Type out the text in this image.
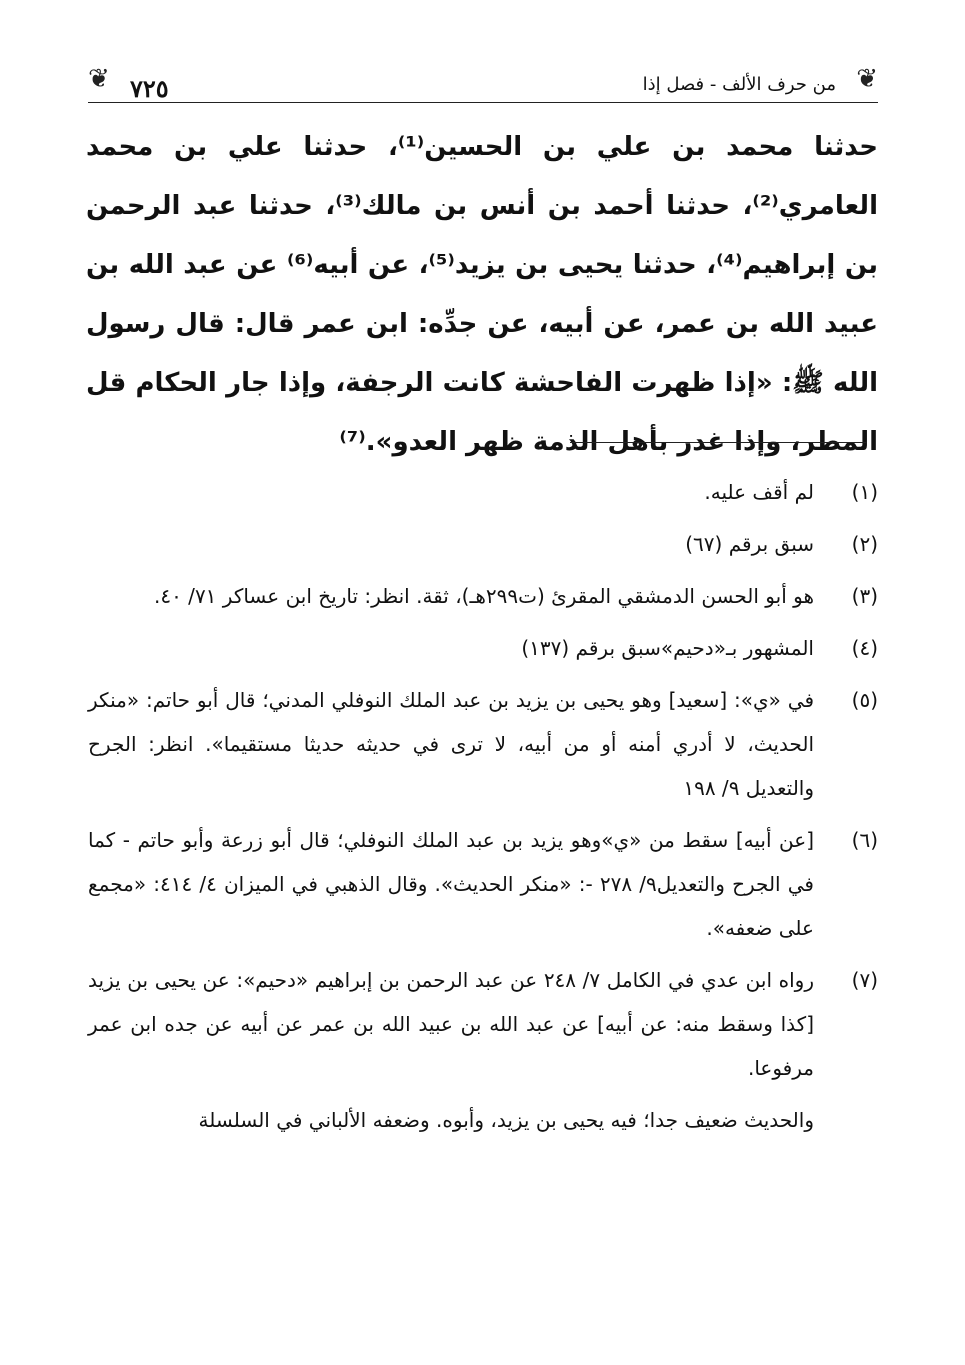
❦ ٧٢٥	من حرف الألف - فصل إذا ❦

حدثنا محمد بن علي بن الحسين⁽¹⁾، حدثنا علي بن محمد العامري⁽²⁾، حدثنا أحمد بن أنس بن مالك⁽³⁾، حدثنا عبد الرحمن بن إبراهيم⁽⁴⁾، حدثنا يحيى بن يزيد⁽⁵⁾، عن أبيه⁽⁶⁾ عن عبد الله بن عبيد الله بن عمر، عن أبيه، عن جدِّه: ابن عمر قال: قال رسول الله ﷺ: «إذا ظهرت الفاحشة كانت الرجفة، وإذا جار الحكام قل المطر، وإذا غدر بأهل الذمة ظهر العدو».⁽⁷⁾

(١)
لم أقف عليه.
(٢)
سبق برقم (٦٧)
(٣)
هو أبو الحسن الدمشقي المقرئ (ت٢٩٩هـ)، ثقة. انظر: تاريخ ابن عساكر ٧١/ ٤٠.
(٤)
المشهور بـ«دحيم»سبق برقم (١٣٧)
(٥)
في «ي»: [سعيد] وهو يحيى بن يزيد بن عبد الملك النوفلي المدني؛ قال أبو حاتم: «منكر الحديث، لا أدري أمنه أو من أبيه، لا ترى في حديثه حديثا مستقيما». انظر: الجرح والتعديل ٩/ ١٩٨
(٦)
[عن أبيه] سقط من «ي»وهو يزيد بن عبد الملك النوفلي؛ قال أبو زرعة وأبو حاتم - كما في الجرح والتعديل٩/ ٢٧٨ -: «منكر الحديث». وقال الذهبي في الميزان ٤/ ٤١٤: «مجمع على ضعفه».
(٧)
رواه ابن عدي في الكامل ٧/ ٢٤٨ عن عبد الرحمن بن إبراهيم «دحيم»: عن يحيى بن يزيد [كذا وسقط منه: عن أبيه] عن عبد الله بن عبيد الله بن عمر عن أبيه عن جده ابن عمر مرفوعا.

والحديث ضعيف جدا؛ فيه يحيى بن يزيد، وأبوه. وضعفه الألباني في السلسلة
